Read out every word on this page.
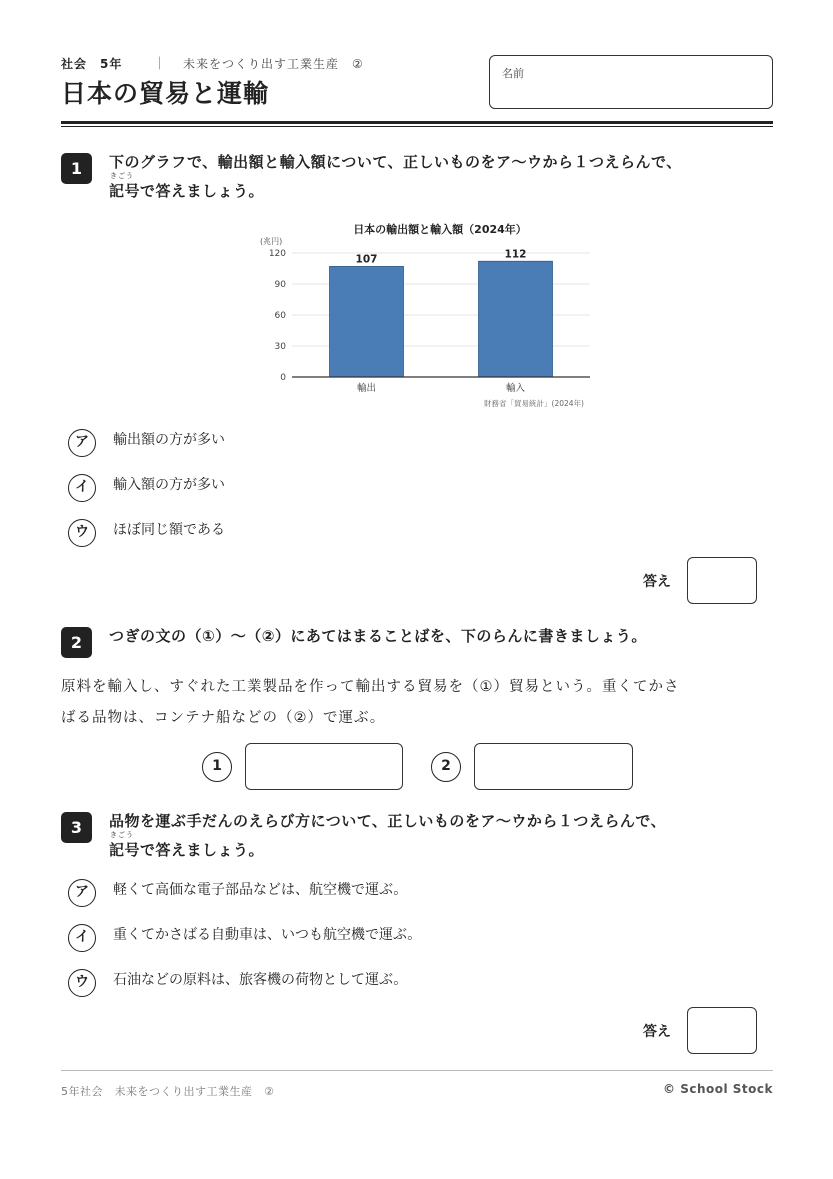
社会　5年 ｜ 未来をつくり出す工業生産　②
日本の貿易と運輸
名前
1	下のグラフで、輸出額と輸入額について、正しいものをア〜ウから１つえらんで、
きごう
記号で答えましょう。
日本の輸出額と輸入額（2024年）
(兆円)
0
30
60
90
120	107	112
輸出	輸入
財務省「貿易統計」(2024年)
ア	輸出額の方が多い
イ	輸入額の方が多い
ウ	ほぼ同じ額である
答え
2	つぎの文の（①）〜（②）にあてはまることばを、下のらんに書きましょう。
原料を輸入し、すぐれた工業製品を作って輸出する貿易を（①）貿易という。重くてかさ
ばる品物は、コンテナ船などの（②）で運ぶ。
1	2
3	品物を運ぶ手だんのえらび方について、正しいものをア〜ウから１つえらんで、
きごう
記号で答えましょう。
ア	軽くて高価な電子部品などは、航空機で運ぶ。
イ	重くてかさばる自動車は、いつも航空機で運ぶ。
ウ	石油などの原料は、旅客機の荷物として運ぶ。
答え
5年社会　未来をつくり出す工業生産　②	© School Stock
